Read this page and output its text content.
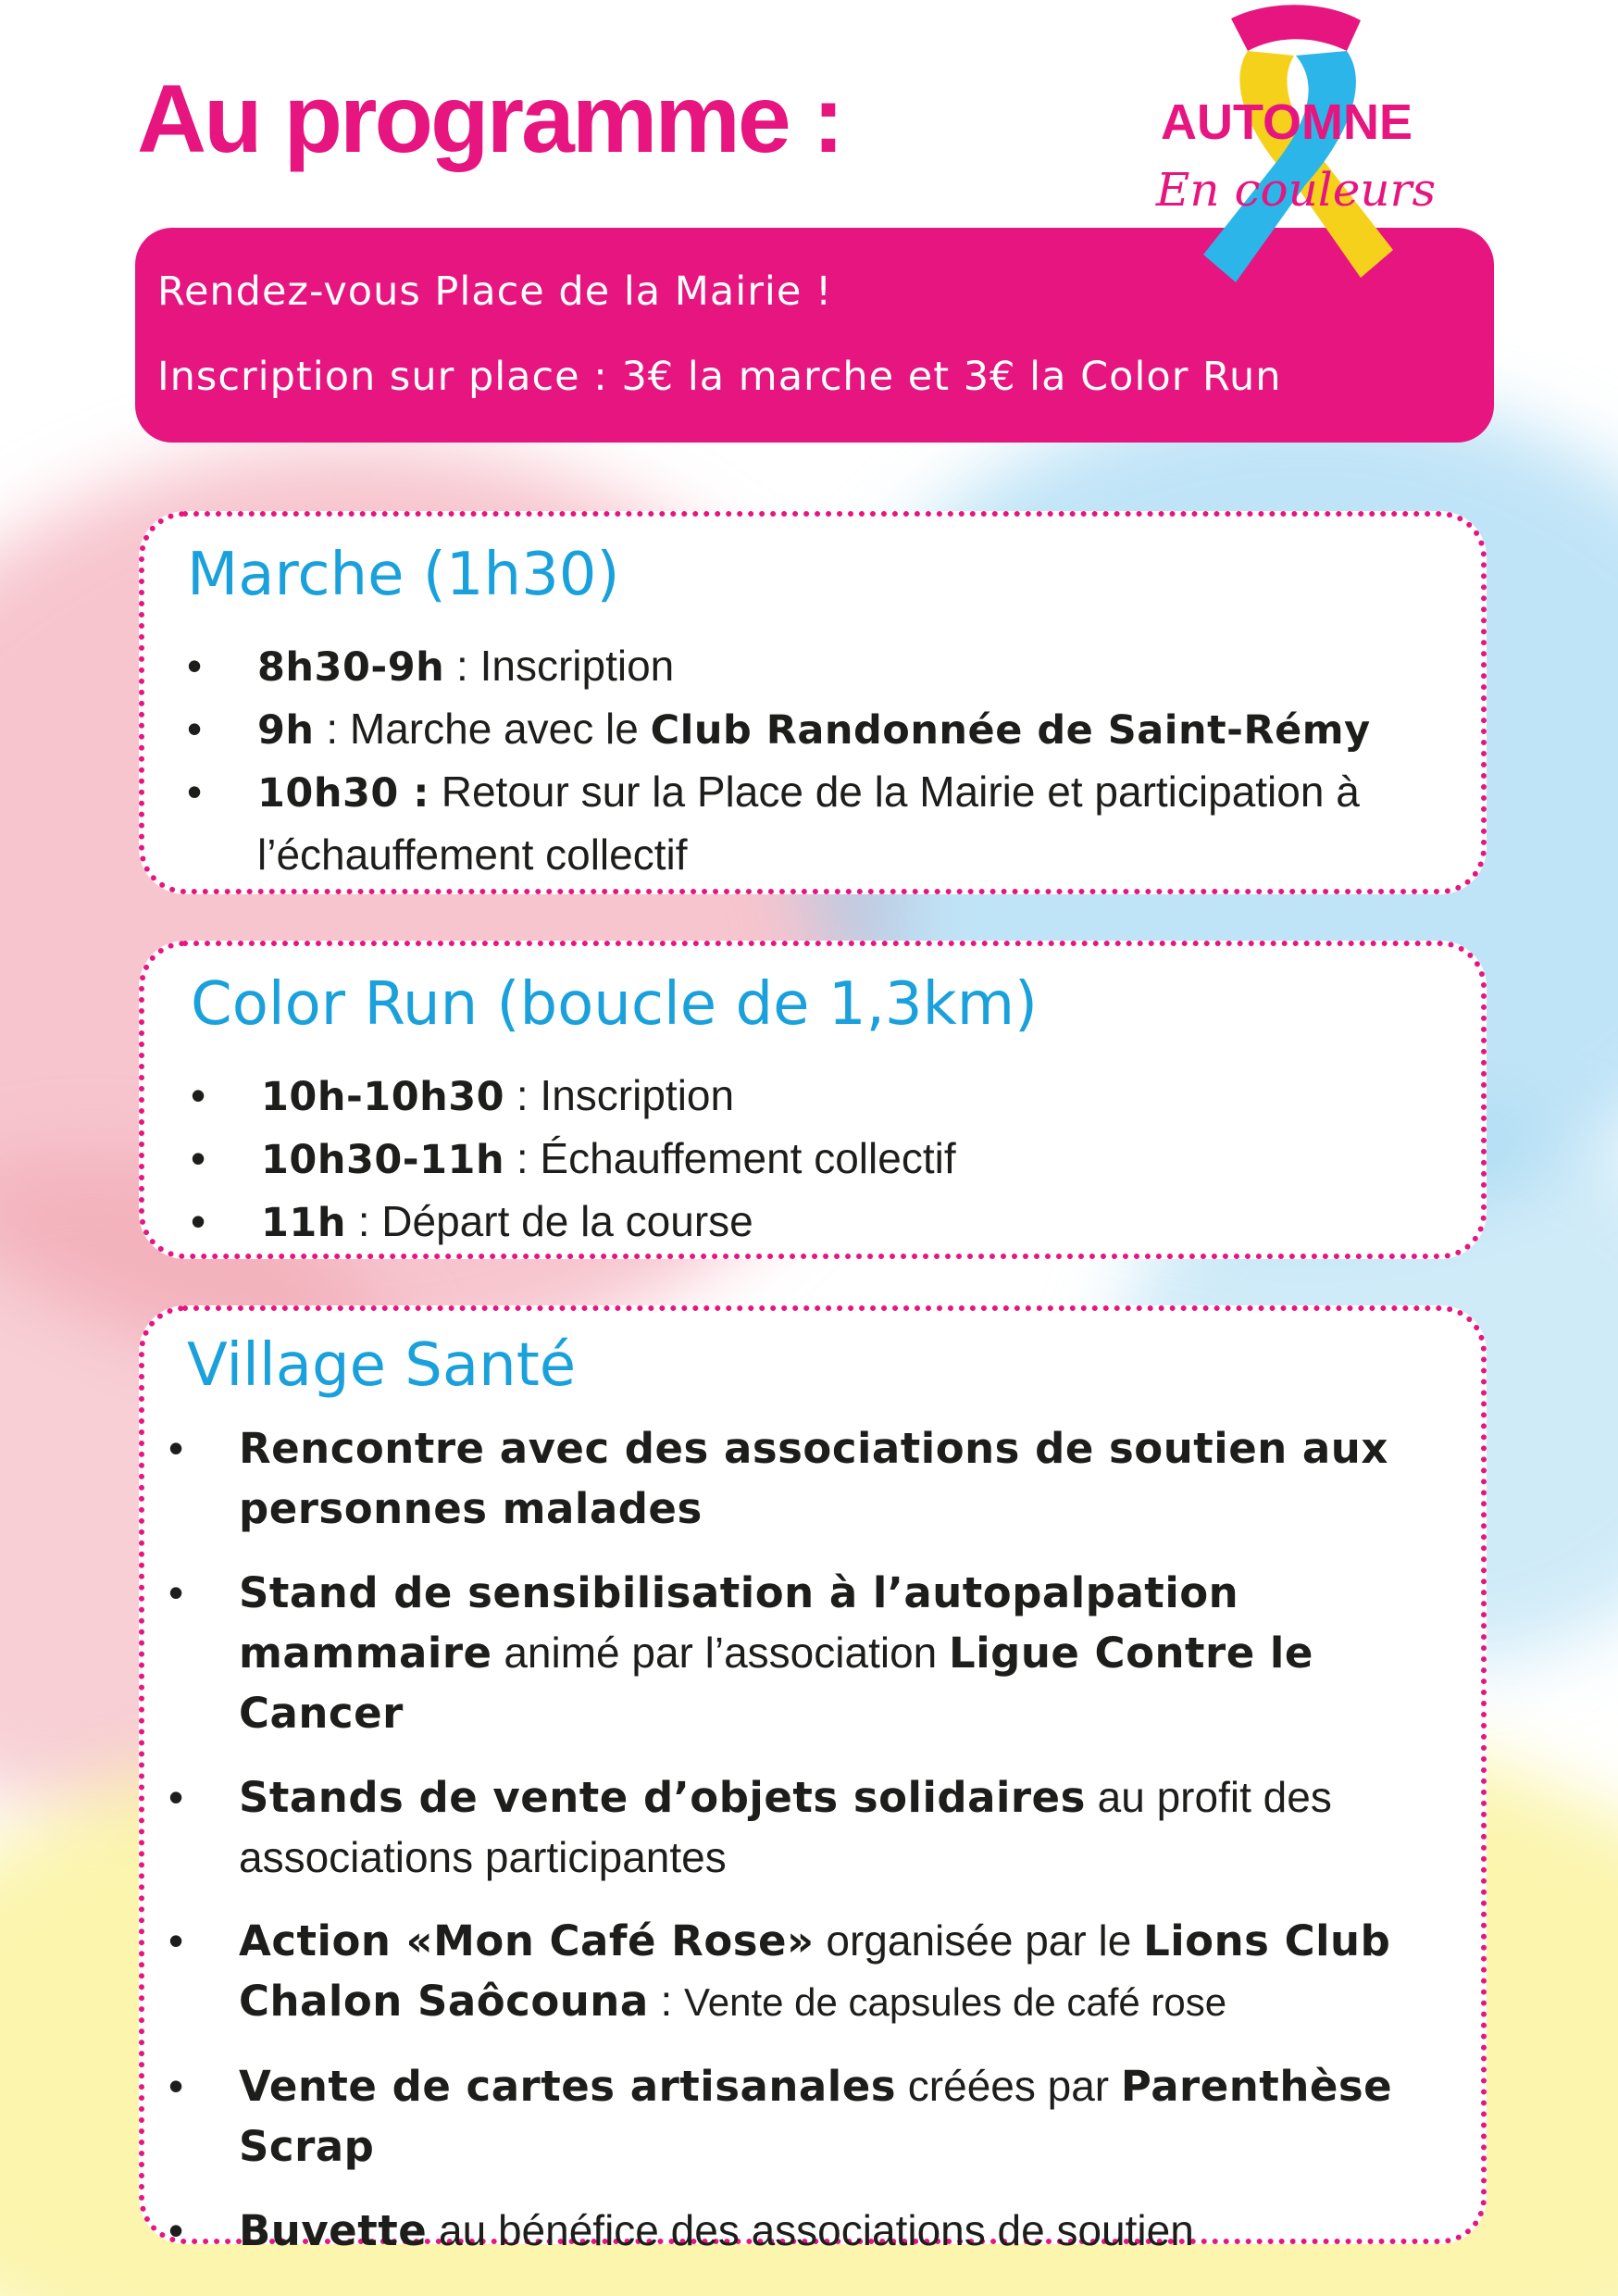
Au programme :	AUTOMNE
En couleurs
Rendez-vous Place de la Mairie !
Inscription sur place : 3€ la marche et 3€ la Color Run
Marche (1h30)
• 8h30-9h : Inscription
• 9h : Marche avec le Club Randonnée de Saint-Rémy
• 10h30 : Retour sur la Place de la Mairie et participation à l’échauffement collectif
Color Run (boucle de 1,3km)
• 10h-10h30 : Inscription
• 10h30-11h : Échauffement collectif
• 11h : Départ de la course
Village Santé
• Rencontre avec des associations de soutien aux personnes malades
• Stand de sensibilisation à l’autopalpation mammaire animé par l’association Ligue Contre le Cancer
• Stands de vente d’objets solidaires au profit des associations participantes
• Action «Mon Café Rose» organisée par le Lions Club Chalon Saôcouna : Vente de capsules de café rose
• Vente de cartes artisanales créées par Parenthèse Scrap
• Buvette au bénéfice des associations de soutien
